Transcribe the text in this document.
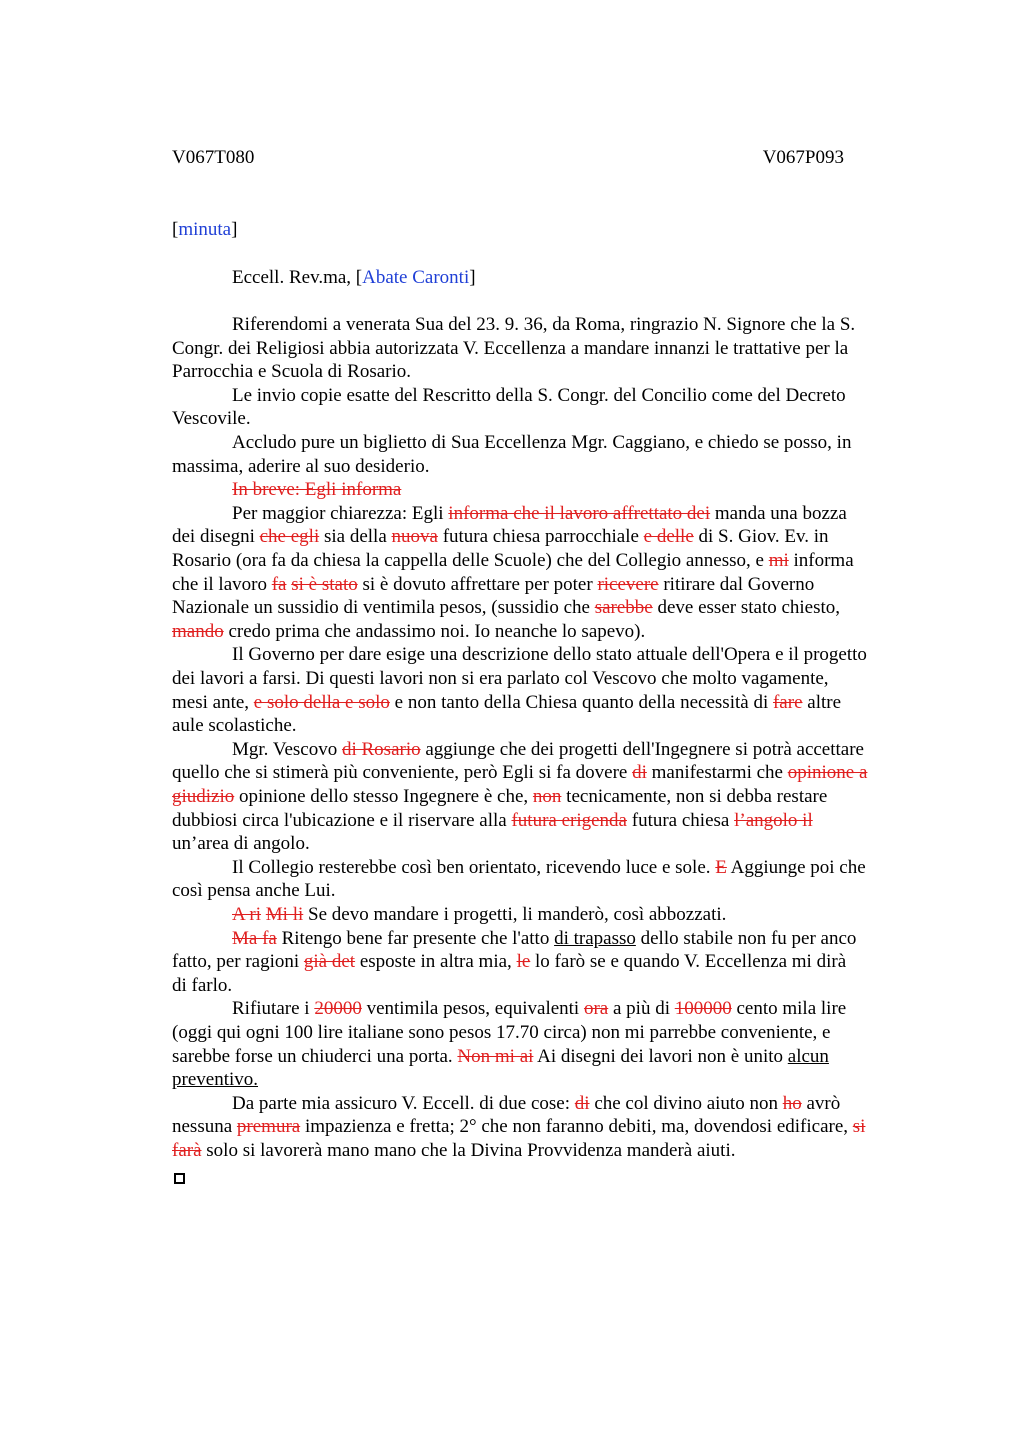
V067T080	V067P093
[minuta]
Eccell. Rev.ma, [Abate Caronti]
Riferendomi a venerata Sua del 23. 9. 36, da Roma, ringrazio N. Signore che la S.
Congr. dei Religiosi abbia autorizzata V. Eccellenza a mandare innanzi le trattative per la
Parrocchia e Scuola di Rosario.
Le invio copie esatte del Rescritto della S. Congr. del Concilio come del Decreto
Vescovile.
Accludo pure un biglietto di Sua Eccellenza Mgr. Caggiano, e chiedo se posso, in
massima, aderire al suo desiderio.
In breve: Egli informa
Per maggior chiarezza: Egli informa che il lavoro affrettato dei manda una bozza
dei disegni che egli sia della nuova futura chiesa parrocchiale e delle di S. Giov. Ev. in
Rosario (ora fa da chiesa la cappella delle Scuole) che del Collegio annesso, e mi informa
che il lavoro fa si è stato si è dovuto affrettare per poter ricevere ritirare dal Governo
Nazionale un sussidio di ventimila pesos, (sussidio che sarebbe deve esser stato chiesto,
mando credo prima che andassimo noi. Io neanche lo sapevo).
Il Governo per dare esige una descrizione dello stato attuale dell'Opera e il progetto
dei lavori a farsi. Di questi lavori non si era parlato col Vescovo che molto vagamente,
mesi ante, e solo della e solo e non tanto della Chiesa quanto della necessità di fare altre
aule scolastiche.
Mgr. Vescovo di Rosario aggiunge che dei progetti dell'Ingegnere si potrà accettare
quello che si stimerà più conveniente, però Egli si fa dovere di manifestarmi che opinione a
giudizio opinione dello stesso Ingegnere è che, non tecnicamente, non si debba restare
dubbiosi circa l'ubicazione e il riservare alla futura erigenda futura chiesa l’angolo il
un’area di angolo.
Il Collegio resterebbe così ben orientato, ricevendo luce e sole. E Aggiunge poi che
così pensa anche Lui.
A ri Mi li Se devo mandare i progetti, li manderò, così abbozzati.
Ma fa Ritengo bene far presente che l'atto di trapasso dello stabile non fu per anco
fatto, per ragioni già det esposte in altra mia, le lo farò se e quando V. Eccellenza mi dirà
di farlo.
Rifiutare i 20000 ventimila pesos, equivalenti ora a più di 100000 cento mila lire
(oggi qui ogni 100 lire italiane sono pesos 17.70 circa) non mi parrebbe conveniente, e
sarebbe forse un chiuderci una porta. Non mi ai Ai disegni dei lavori non è unito alcun
preventivo.
Da parte mia assicuro V. Eccell. di due cose: di che col divino aiuto non ho avrò
nessuna premura impazienza e fretta; 2° che non faranno debiti, ma, dovendosi edificare, si
farà solo si lavorerà mano mano che la Divina Provvidenza manderà aiuti.
